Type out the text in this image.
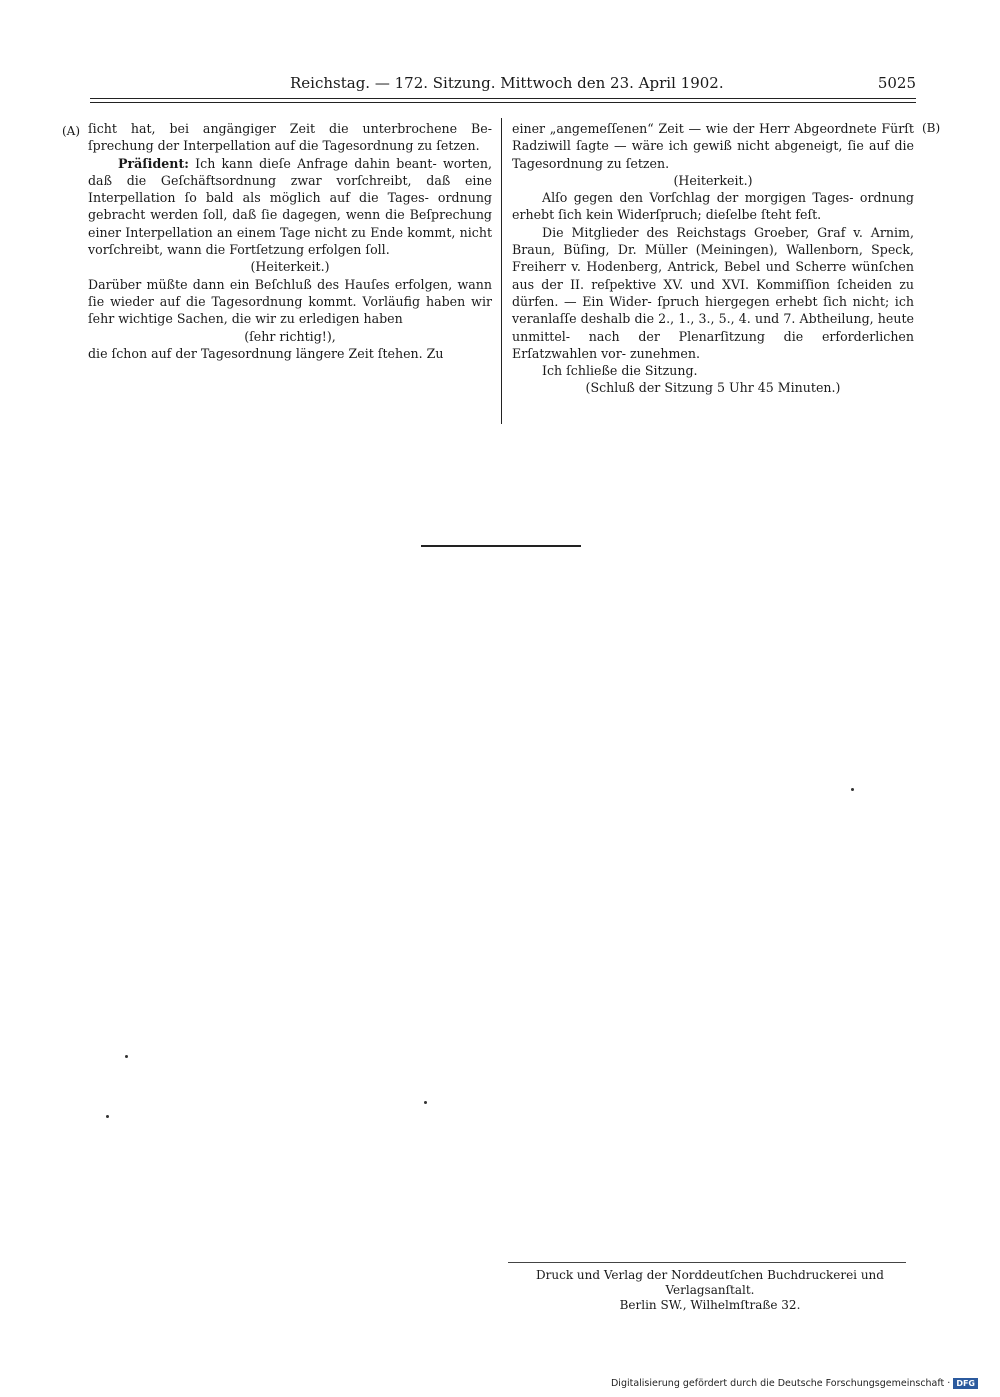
Reichstag. — 172. Sitzung. Mittwoch den 23. April 1902.	5025
(A)	(B)

ſicht hat, bei angängiger Zeit die unterbrochene Be- ſprechung der Interpellation auf die Tagesordnung zu ſetzen.

Präſident: Ich kann dieſe Anfrage dahin beant- worten, daß die Geſchäftsordnung zwar vorſchreibt, daß eine Interpellation ſo bald als möglich auf die Tages- ordnung gebracht werden ſoll, daß ſie dagegen, wenn die Beſprechung einer Interpellation an einem Tage nicht zu Ende kommt, nicht vorſchreibt, wann die Fortſetzung erfolgen ſoll.

(Heiterkeit.)

Darüber müßte dann ein Beſchluß des Hauſes erfolgen, wann ſie wieder auf die Tagesordnung kommt. Vorläufig haben wir ſehr wichtige Sachen, die wir zu erledigen haben

(ſehr richtig!),

die ſchon auf der Tagesordnung längere Zeit ſtehen. Zu

einer „angemeſſenen“ Zeit — wie der Herr Abgeordnete Fürſt Radziwill ſagte — wäre ich gewiß nicht abgeneigt, ſie auf die Tagesordnung zu ſetzen.

(Heiterkeit.)

Alſo gegen den Vorſchlag der morgigen Tages- ordnung erhebt ſich kein Widerſpruch; dieſelbe ſteht feſt.

Die Mitglieder des Reichstags Groeber, Graf v. Arnim, Braun, Büſing, Dr. Müller (Meiningen), Wallenborn, Speck, Freiherr v. Hodenberg, Antrick, Bebel und Scherre wünſchen aus der II. reſpektive XV. und XVI. Kommiſſion ſcheiden zu dürfen. — Ein Wider- ſpruch hiergegen erhebt ſich nicht; ich veranlaſſe deshalb die 2., 1., 3., 5., 4. und 7. Abtheilung, heute unmittel- nach der Plenarſitzung die erforderlichen Erſatzwahlen vor- zunehmen.

Ich ſchließe die Sitzung.

(Schluß der Sitzung 5 Uhr 45 Minuten.)

Druck und Verlag der Norddeutſchen Buchdruckerei und Verlagsanſtalt.

Berlin SW., Wilhelmſtraße 32.

Digitalisierung gefördert durch die Deutsche Forschungsgemeinschaft · DFG
